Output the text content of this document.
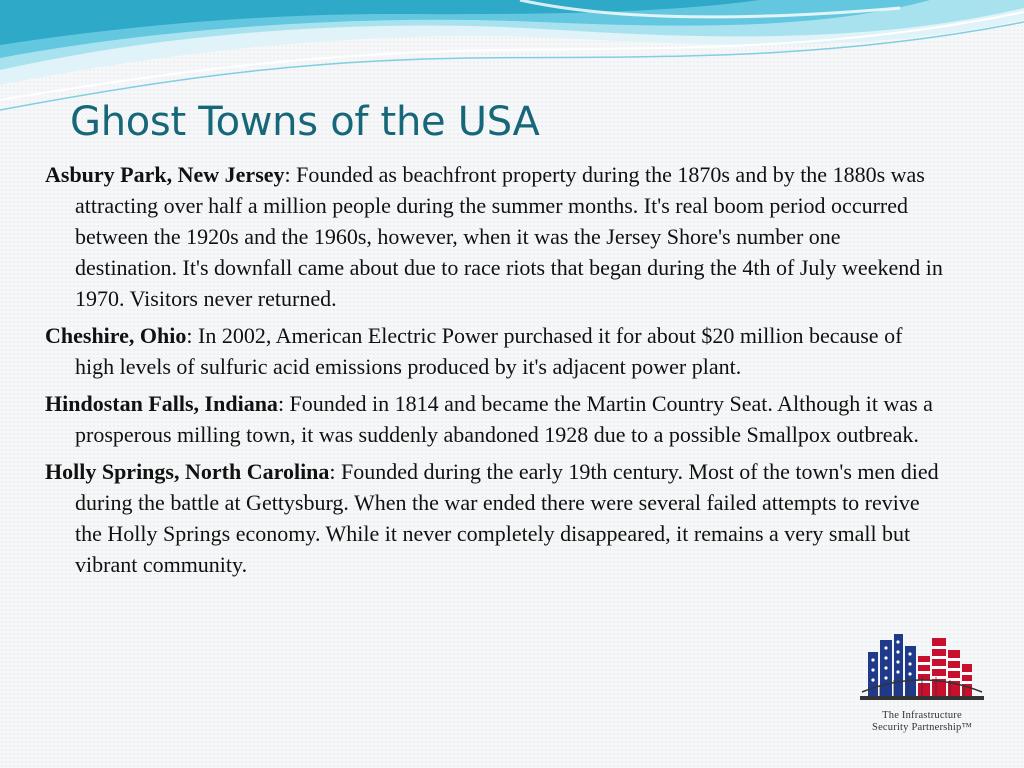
Ghost Towns of the USA

Asbury Park, New Jersey: Founded as beachfront property during the 1870s and by the 1880s was attracting over half a million people during the summer months. It's real boom period occurred between the 1920s and the 1960s, however, when it was the Jersey Shore's number one destination. It's downfall came about due to race riots that began during the 4th of July weekend in 1970. Visitors never returned.

Cheshire, Ohio: In 2002, American Electric Power purchased it for about $20 million because of high levels of sulfuric acid emissions produced by it's adjacent power plant.

Hindostan Falls, Indiana: Founded in 1814 and became the Martin Country Seat. Although it was a prosperous milling town, it was suddenly abandoned 1928 due to a possible Smallpox outbreak.

Holly Springs, North Carolina: Founded during the early 19th century. Most of the town's men died during the battle at Gettysburg. When the war ended there were several failed attempts to revive the Holly Springs economy. While it never completely disappeared, it remains a very small but vibrant community.

The Infrastructure
Security Partnership™
